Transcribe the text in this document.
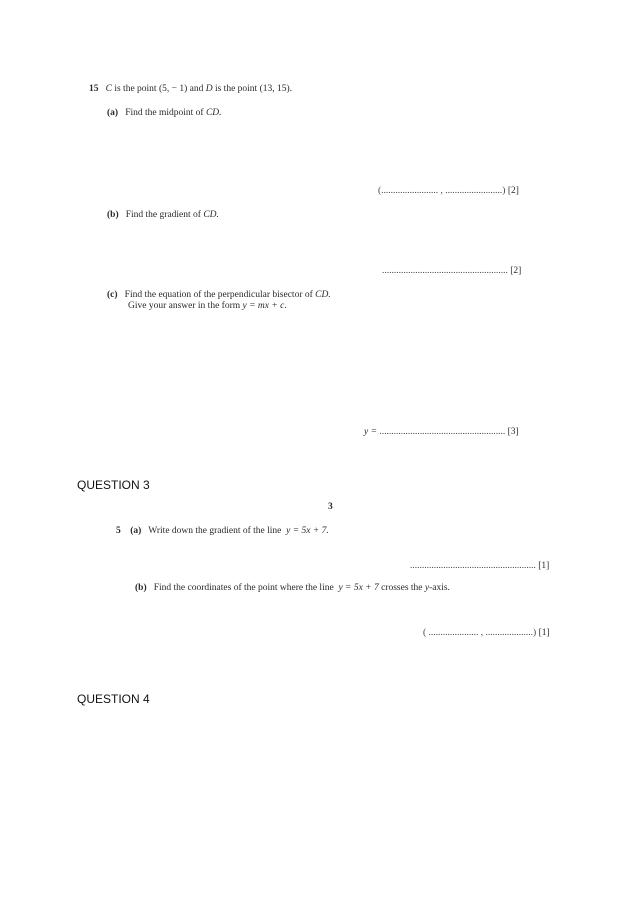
15 C is the point (5, − 1) and D is the point (13, 15).
(a) Find the midpoint of CD.
(........................ , ........................) [2]
(b) Find the gradient of CD.
..................................................... [2]
(c) Find the equation of the perpendicular bisector of CD.
Give your answer in the form y = mx + c.
y = ..................................................... [3]
QUESTION 3
3
5 (a) Write down the gradient of the line  y = 5x + 7.
..................................................... [1]
(b) Find the coordinates of the point where the line  y = 5x + 7 crosses the y-axis.
( ..................... , ....................) [1]
QUESTION 4
